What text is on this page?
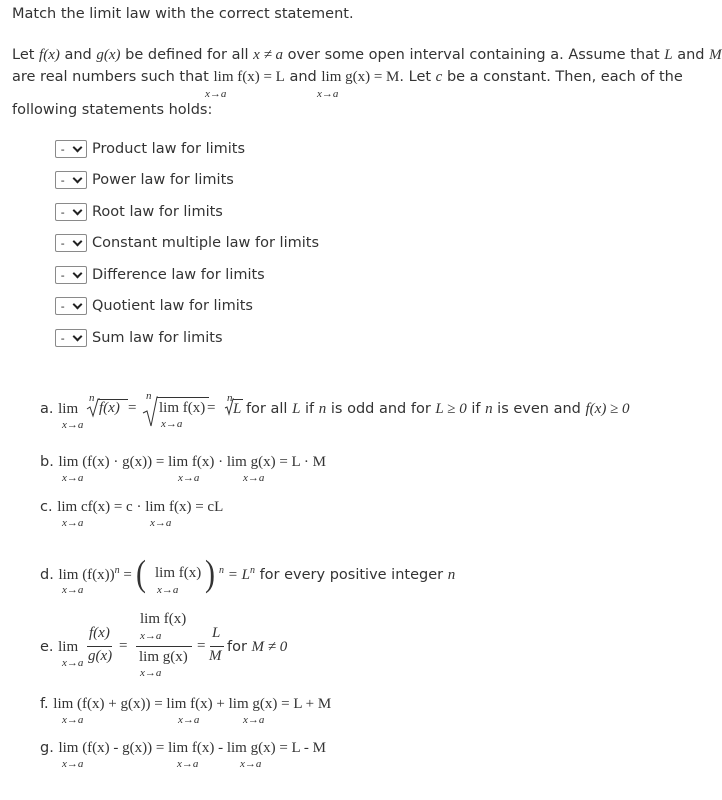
Match the limit law with the correct statement.
Let f(x) and g(x) be defined for all x ≠ a over some open interval containing a. Assume that L and M
are real numbers such that lim f(x) = L and lim g(x) = M. Let c be a constant. Then, each of the
x→a	x→a
following statements holds:
- Product law for limits
- Power law for limits
- Root law for limits
- Constant multiple law for limits
- Difference law for limits
- Quotient law for limits
- Sum law for limits
a. lim
x→a
n
f(x) =
n
lim f(x)
x→a
=
n
L for all L if n is odd and for L ≥ 0 if n is even and f(x) ≥ 0
b. lim (f(x) · g(x)) = lim f(x) · lim g(x) = L · M
x→a	x→a	x→a
c. lim cf(x) = c · lim f(x) = cL
x→a	x→a
d. $\lim (f(x))^n$ =
x→a ( lim f(x)
x→a ) $^n = L^n$ for every positive integer n
e. lim
x→a
f(x)
g(x)
=
lim f(x)
x→a
lim g(x)
x→a
=
L
M
for M ≠ 0
f. lim (f(x) + g(x)) = lim f(x) + lim g(x) = L + M
x→a	x→a	x→a
g. lim (f(x) - g(x)) = lim f(x) - lim g(x) = L - M
x→a	x→a	x→a
